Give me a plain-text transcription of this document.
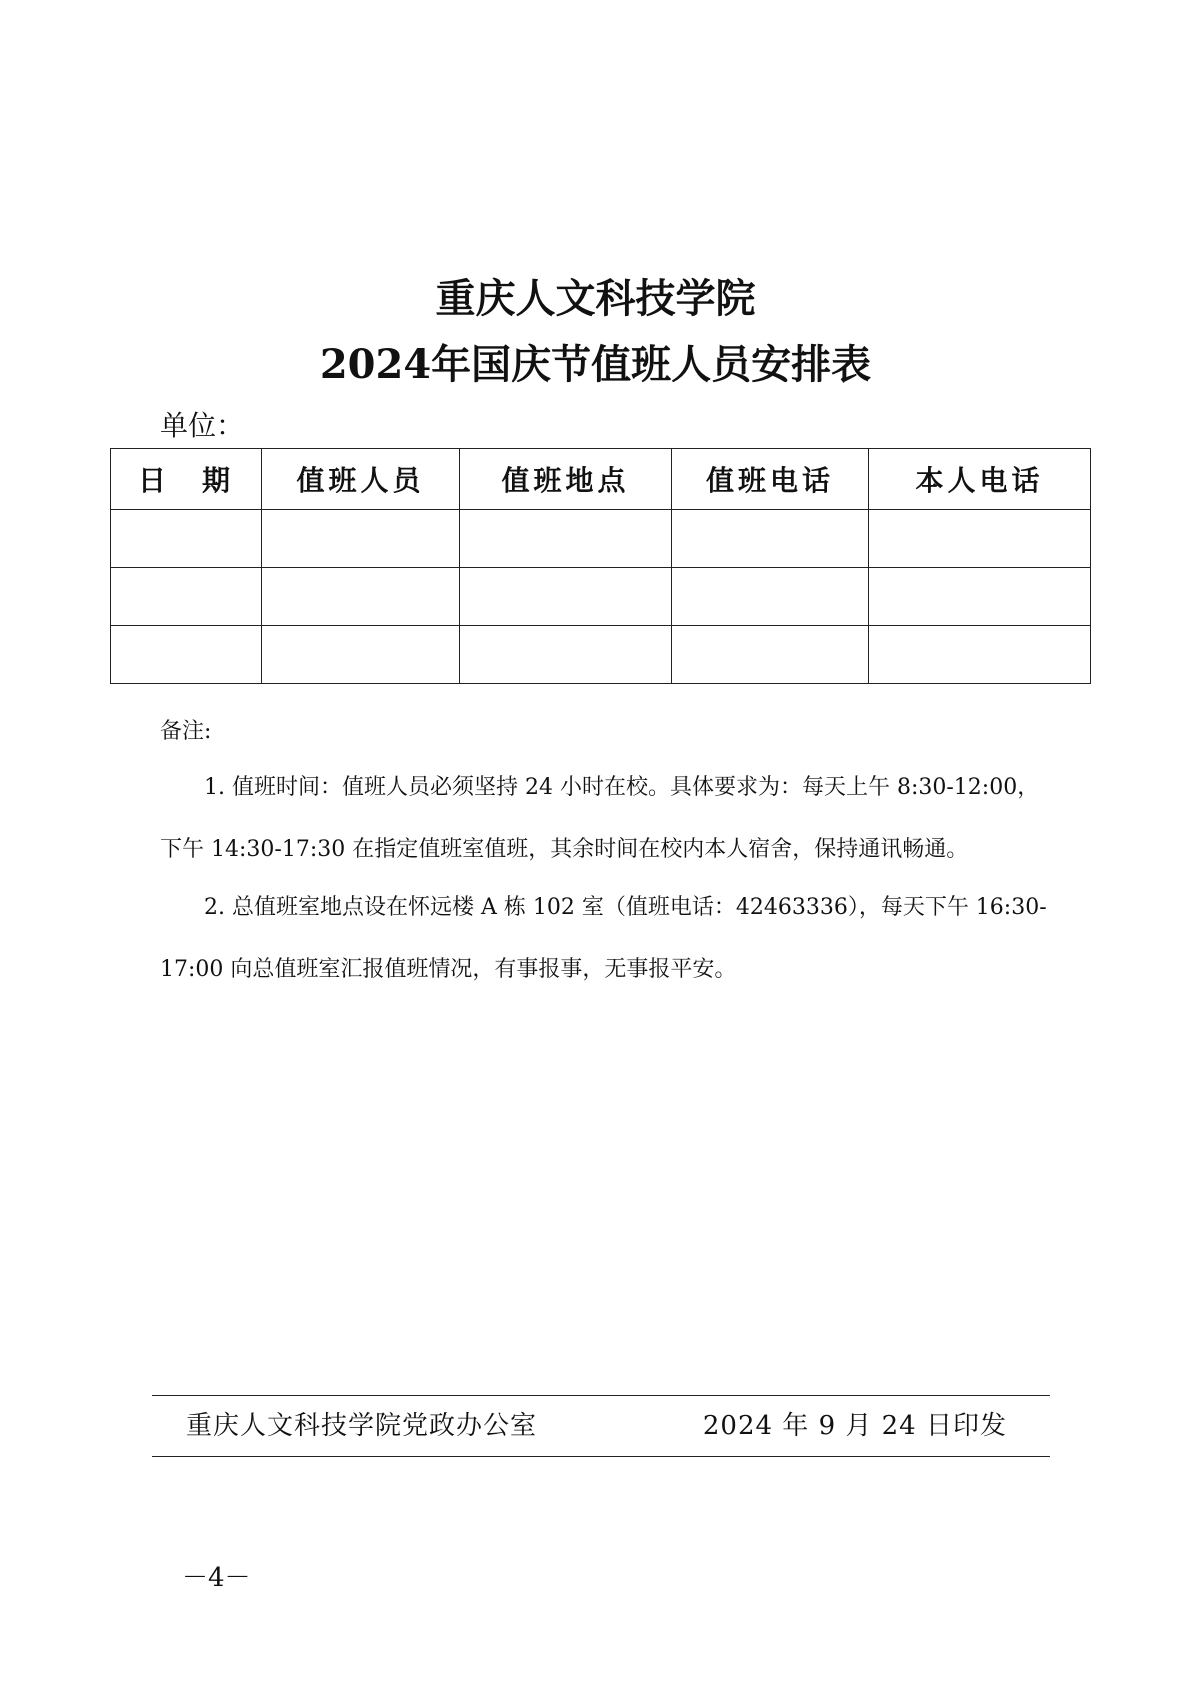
重庆人文科技学院
2024年国庆节值班人员安排表
单位：
日　期	值班人员	值班地点	值班电话	本人电话

备注:

1. 值班时间：值班人员必须坚持 24 小时在校。具体要求为：每天上午 8:30-12:00，下午 14:30-17:30 在指定值班室值班，其余时间在校内本人宿舍，保持通讯畅通。

2. 总值班室地点设在怀远楼 A 栋 102 室（值班电话：42463336），每天下午 16:30-17:00 向总值班室汇报值班情况，有事报事，无事报平安。

重庆人文科技学院党政办公室	2024 年 9 月 24 日印发
－4－
